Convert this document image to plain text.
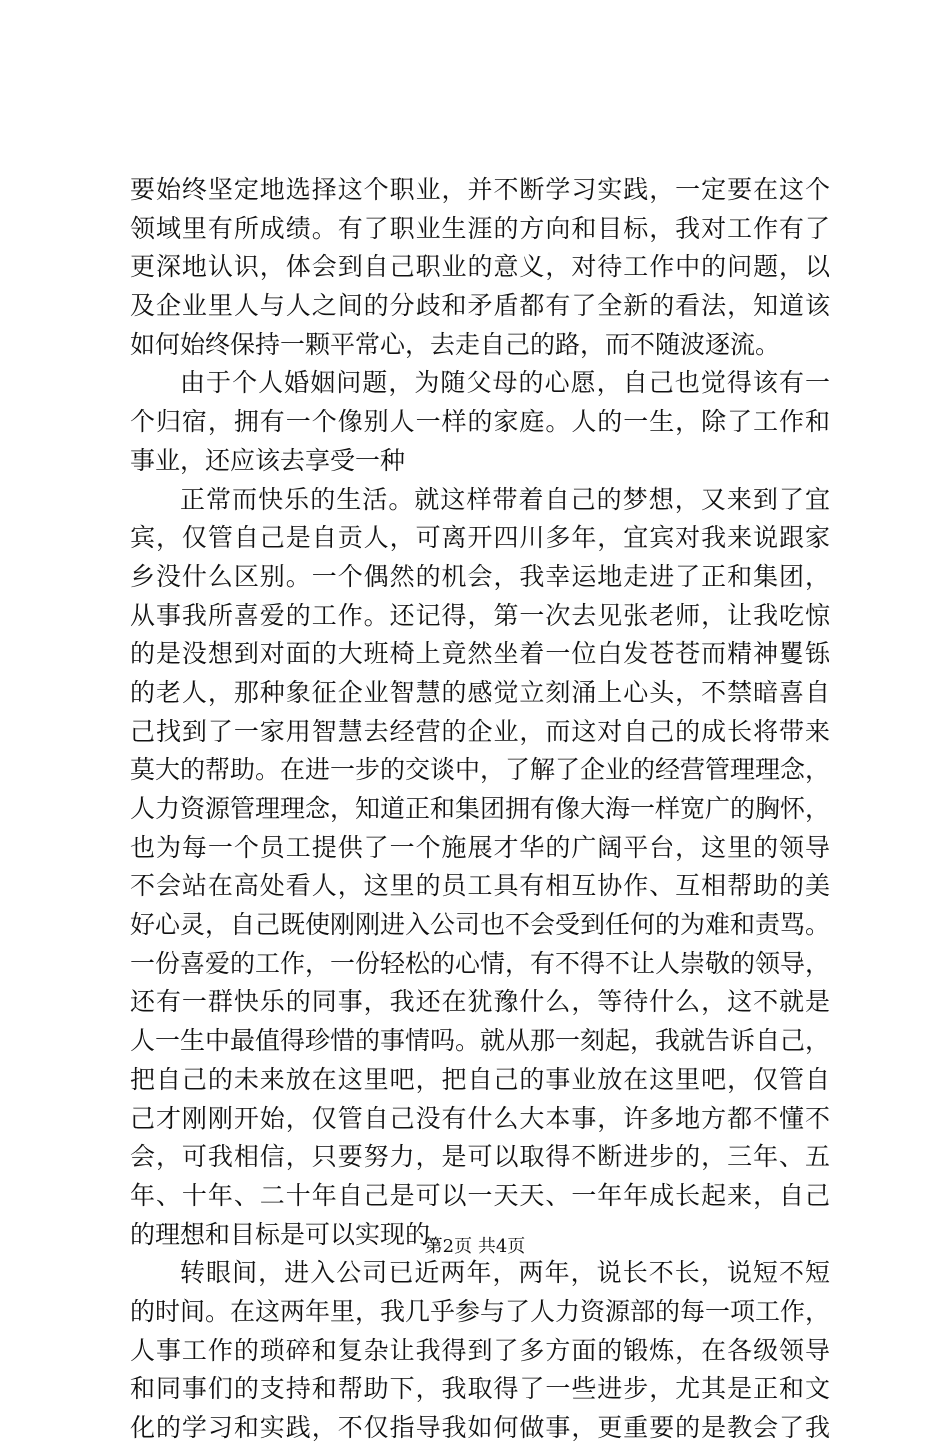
要始终坚定地选择这个职业，并不断学习实践，一定要在这个
领域里有所成绩。有了职业生涯的方向和目标，我对工作有了
更深地认识，体会到自己职业的意义，对待工作中的问题，以
及企业里人与人之间的分歧和矛盾都有了全新的看法，知道该
如何始终保持一颗平常心，去走自己的路，而不随波逐流。
由于个人婚姻问题，为随父母的心愿，自己也觉得该有一
个归宿，拥有一个像别人一样的家庭。人的一生，除了工作和
事业，还应该去享受一种
正常而快乐的生活。就这样带着自己的梦想，又来到了宜
宾，仅管自己是自贡人，可离开四川多年，宜宾对我来说跟家
乡没什么区别。一个偶然的机会，我幸运地走进了正和集团，
从事我所喜爱的工作。还记得，第一次去见张老师，让我吃惊
的是没想到对面的大班椅上竟然坐着一位白发苍苍而精神矍铄
的老人，那种象征企业智慧的感觉立刻涌上心头，不禁暗喜自
己找到了一家用智慧去经营的企业，而这对自己的成长将带来
莫大的帮助。在进一步的交谈中，了解了企业的经营管理理念，
人力资源管理理念，知道正和集团拥有像大海一样宽广的胸怀，
也为每一个员工提供了一个施展才华的广阔平台，这里的领导
不会站在高处看人，这里的员工具有相互协作、互相帮助的美
好心灵，自己既使刚刚进入公司也不会受到任何的为难和责骂。
一份喜爱的工作，一份轻松的心情，有不得不让人崇敬的领导，
还有一群快乐的同事，我还在犹豫什么，等待什么，这不就是
人一生中最值得珍惜的事情吗。就从那一刻起，我就告诉自己，
把自己的未来放在这里吧，把自己的事业放在这里吧，仅管自
己才刚刚开始，仅管自己没有什么大本事，许多地方都不懂不
会，可我相信，只要努力，是可以取得不断进步的，三年、五
年、十年、二十年自己是可以一天天、一年年成长起来，自己
的理想和目标是可以实现的。
转眼间，进入公司已近两年，两年，说长不长，说短不短
的时间。在这两年里，我几乎参与了人力资源部的每一项工作，
人事工作的琐碎和复杂让我得到了多方面的锻炼，在各级领导
和同事们的支持和帮助下，我取得了一些进步，尤其是正和文
化的学习和实践，不仅指导我如何做事，更重要的是教会了我
第2页 共4页
